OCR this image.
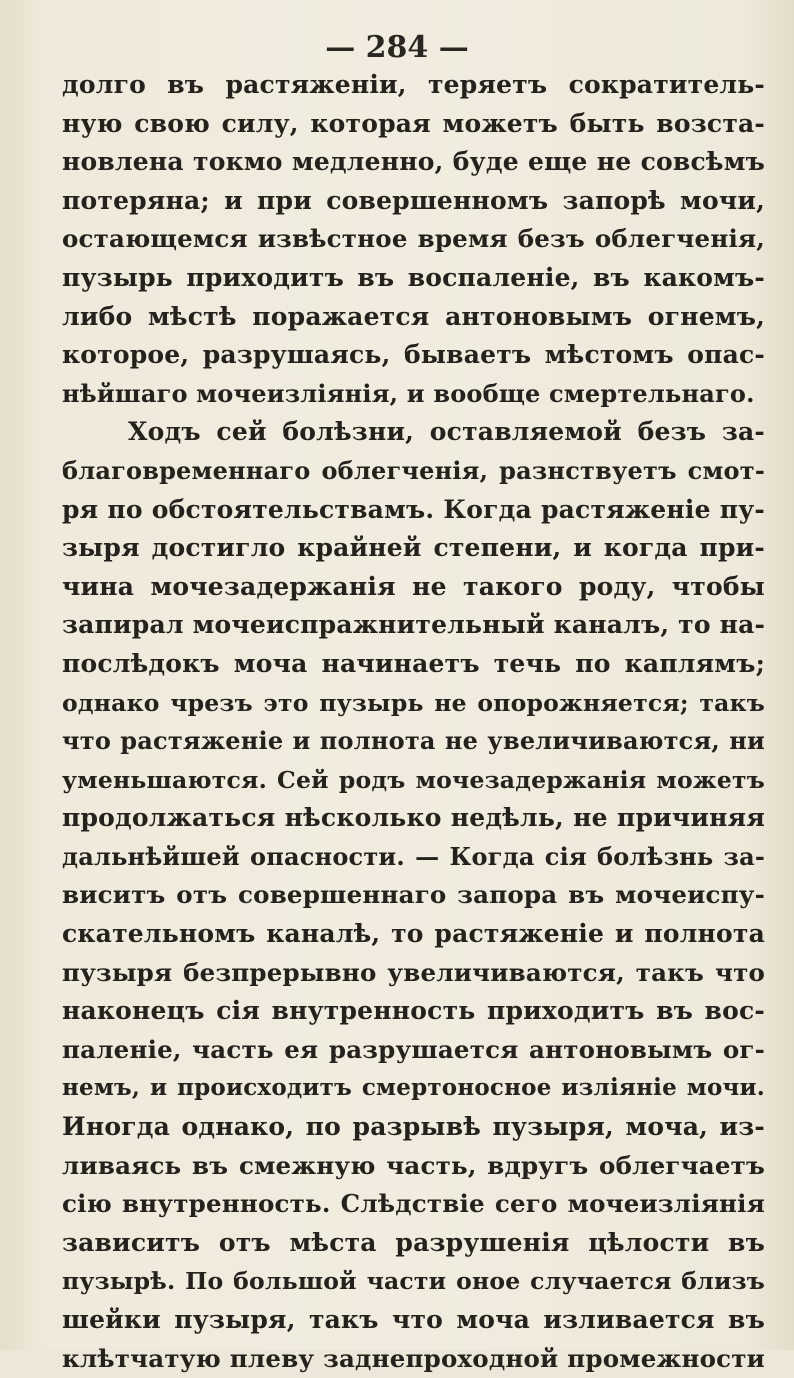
— 284 —
долго въ растяженіи, теряетъ сократитель-
ную свою силу, которая можетъ быть возста-
новлена токмо медленно, буде еще не совсѣмъ
потеряна; и при совершенномъ запорѣ мочи,
остающемся извѣстное время безъ облегченія,
пузырь приходитъ въ воспаленіе, въ какомъ-
либо мѣстѣ поражается антоновымъ огнемъ,
которое, разрушаясь, бываетъ мѣстомъ опас-
нѣйшаго мочеизліянія, и вообще смертельнаго.
Ходъ сей болѣзни, оставляемой безъ за-
благовременнаго облегченія, разнствуетъ смот-
ря по обстоятельствамъ. Когда растяженіе пу-
зыря достигло крайней степени, и когда при-
чина мочезадержанія не такого роду, чтобы
запирал мочеиспражнительный каналъ, то на-
послѣдокъ моча начинаетъ течь по каплямъ;
однако чрезъ это пузырь не опорожняется; такъ
что растяженіе и полнота не увеличиваются, ни
уменьшаются. Сей родъ мочезадержанія можетъ
продолжаться нѣсколько недѣль, не причиняя
дальнѣйшей опасности. — Когда сія болѣзнь за-
виситъ отъ совершеннаго запора въ мочеиспу-
скательномъ каналѣ, то растяженіе и полнота
пузыря безпрерывно увеличиваются, такъ что
наконецъ сія внутренность приходитъ въ вос-
паленіе, часть ея разрушается антоновымъ ог-
немъ, и происходитъ смертоносное изліяніе мочи.
Иногда однако, по разрывѣ пузыря, моча, из-
ливаясь въ смежную часть, вдругъ облегчаетъ
сію внутренность. Слѣдствіе сего мочеизліянія
зависитъ отъ мѣста разрушенія цѣлости въ
пузырѣ. По большой части оное случается близъ
шейки пузыря, такъ что моча изливается въ
клѣтчатую плеву заднепроходной промежности
